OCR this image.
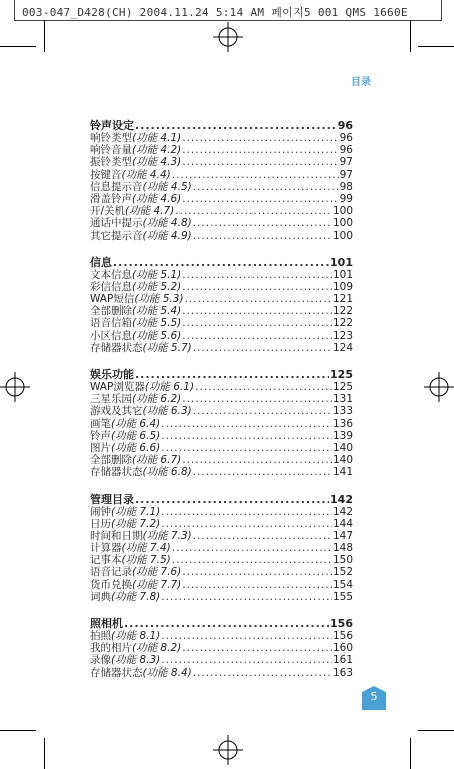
003-047_D428(CH) 2004.11.24 5:14 AM 페이지5 001 QMS 1660E
目录
铃声设定 .....	96
响铃类型 (功能 4.1) .....	96
响铃音量 (功能 4.2) .....	96
振铃类型 (功能 4.3) .....	97
按键音 (功能 4.4) .....	97
信息提示音 (功能 4.5) .....	98
滑盖铃声 (功能 4.6) .....	99
开/关机 (功能 4.7) .....	100
通话中提示 (功能 4.8) .....	100
其它提示音 (功能 4.9) .....	100
信息 .....	101
文本信息 (功能 5.1) .....	101
彩信信息 (功能 5.2) .....	109
WAP短信 (功能 5.3) .....	121
全部删除 (功能 5.4) .....	122
语音信箱 (功能 5.5) .....	122
小区信息 (功能 5.6) .....	123
存储器状态 (功能 5.7) .....	124
娱乐功能 .....	125
WAP浏览器 (功能 6.1) .....	125
三星乐园 (功能 6.2) .....	131
游戏及其它 (功能 6.3) .....	133
画笔 (功能 6.4) .....	136
铃声 (功能 6.5) .....	139
图片 (功能 6.6) .....	140
全部删除 (功能 6.7) .....	140
存储器状态 (功能 6.8) .....	141
管理目录 .....	142
闹钟 (功能 7.1) .....	142
日历 (功能 7.2) .....	144
时间和日期 (功能 7.3) .....	147
计算器 (功能 7.4) .....	148
记事本 (功能 7.5) .....	150
语音记录 (功能 7.6) .....	152
货币兑换 (功能 7.7) .....	154
词典 (功能 7.8) .....	155
照相机 .....	156
拍照 (功能 8.1) .....	156
我的相片 (功能 8.2) .....	160
录像 (功能 8.3) .....	161
存储器状态 (功能 8.4) .....	163
5
